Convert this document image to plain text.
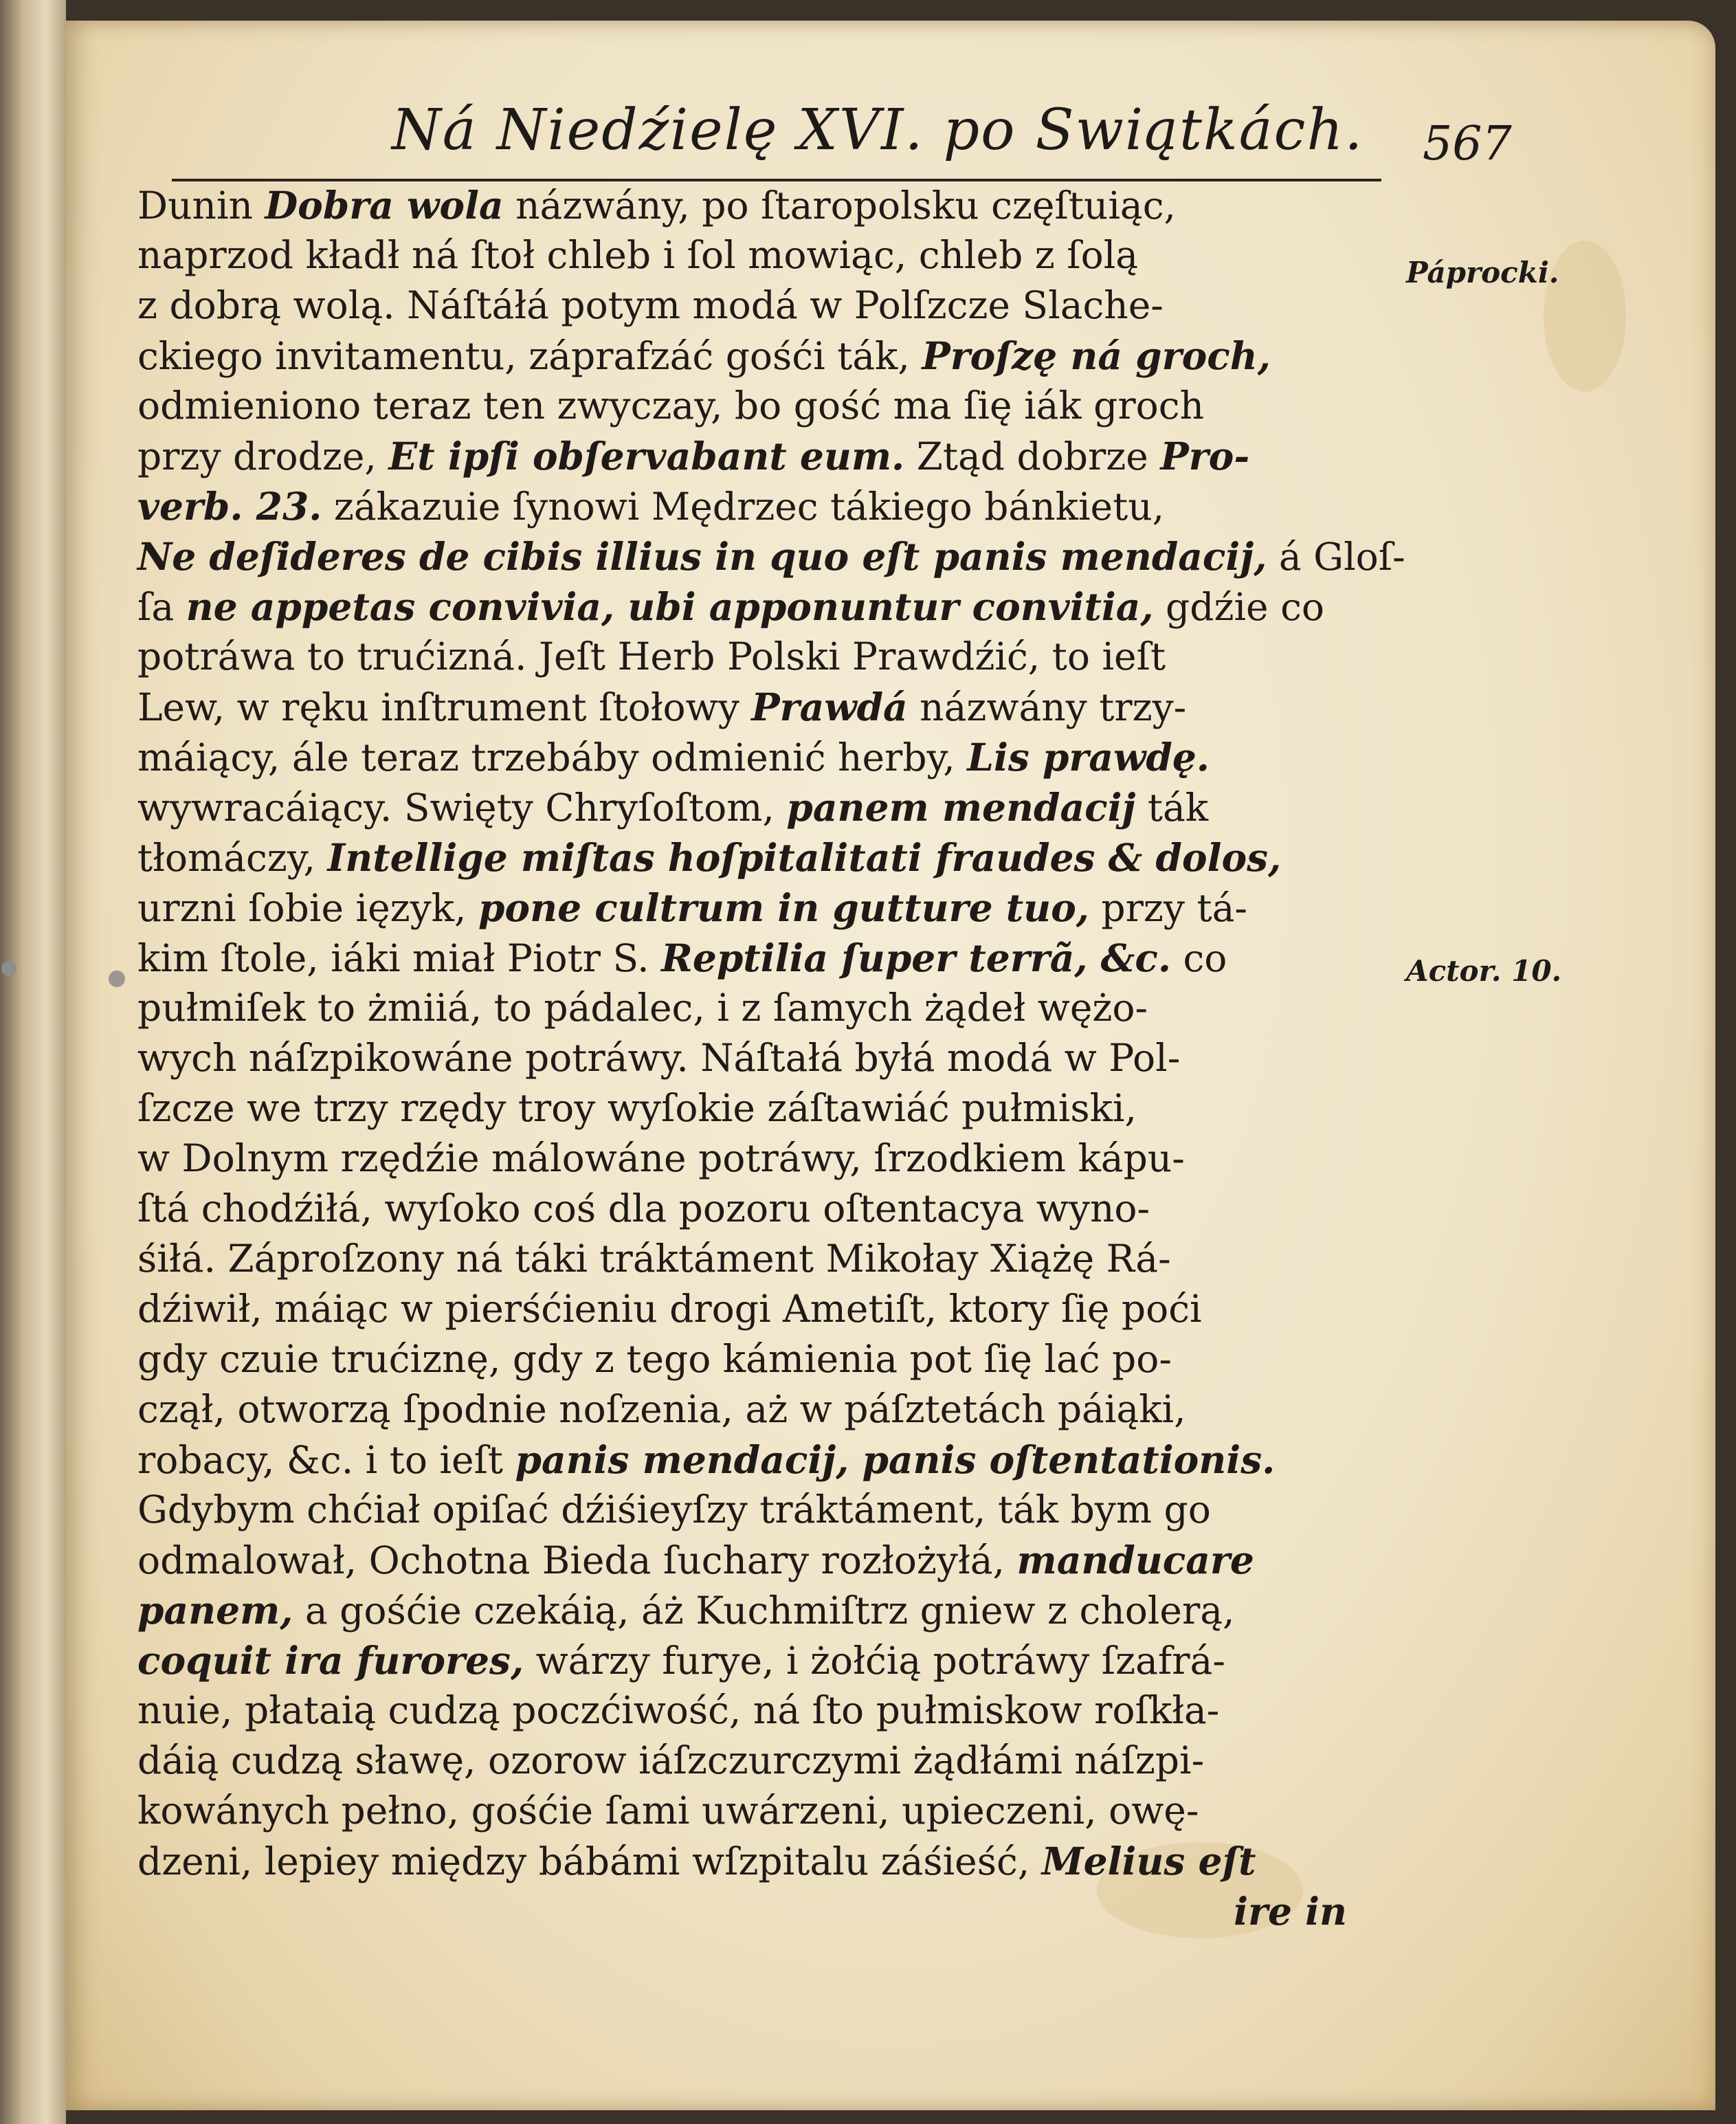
Ná Niedźielę XVI. po Swiątkách. 567
Páprocki.
Actor. 10.
Dunin Dobra wola názwány, po ſtaropolsku częſtuiąc,
naprzod kładł ná ſtoł chleb i ſol mowiąc, chleb z ſolą
z dobrą wolą. Náſtáłá potym modá w Polſzcze Slache-
ckiego invitamentu, záprafzáć gośći ták, Proſzę ná groch,
odmieniono teraz ten zwyczay, bo gość ma ſię iák groch
przy drodze, Et ipſi obſervabant eum. Ztąd dobrze Pro-
verb. 23. zákazuie ſynowi Mędrzec tákiego bánkietu,
Ne deſideres de cibis illius in quo eſt panis mendacij, á Gloſ-
ſa ne appetas convivia, ubi apponuntur convitia, gdźie co
potráwa to trućizná. Jeſt Herb Polski Prawdźić, to ieſt
Lew, w ręku inſtrument ſtołowy Prawdá názwány trzy-
máiący, ále teraz trzebáby odmienić herby, Lis prawdę.
wywracáiący. Swięty Chryſoſtom, panem mendacij ták
tłomáczy, Intellige miſtas hoſpitalitati fraudes & dolos,
urzni ſobie ięzyk, pone cultrum in gutture tuo, przy tá-
kim ſtole, iáki miał Piotr S. Reptilia ſuper terrã, &c. co
pułmiſek to żmiiá, to pádalec, i z ſamych żądeł wężo-
wych náſzpikowáne potráwy. Náſtałá byłá modá w Pol-
ſzcze we trzy rzędy troy wyſokie záſtawiáć pułmiski,
w Dolnym rzędźie málowáne potráwy, ſrzodkiem kápu-
ſtá chodźiłá, wyſoko coś dla pozoru oſtentacya wyno-
śiłá. Záproſzony ná táki tráktáment Mikołay Xiążę Rá-
dźiwił, máiąc w pierśćieniu drogi Ametiſt, ktory ſię poći
gdy czuie trućiznę, gdy z tego kámienia pot ſię lać po-
czął, otworzą ſpodnie noſzenia, aż w páſztetách páiąki,
robacy, &c. i to ieſt panis mendacij, panis oſtentationis.
Gdybym chćiał opiſać dźiśieyſzy tráktáment, ták bym go
odmalował, Ochotna Bieda ſuchary rozłożyłá, manducare
panem, a gośćie czekáią, áż Kuchmiſtrz gniew z cholerą,
coquit ira furores, wárzy furye, i żołćią potráwy ſzafrá-
nuie, płataią cudzą poczćiwość, ná ſto pułmiskow roſkła-
dáią cudzą sławę, ozorow iáſzczurczymi żądłámi náſzpi-
kowánych pełno, gośćie ſami uwárzeni, upieczeni, owę-
dzeni, lepiey między bábámi wſzpitalu záśieść, Melius eſt
ire in
